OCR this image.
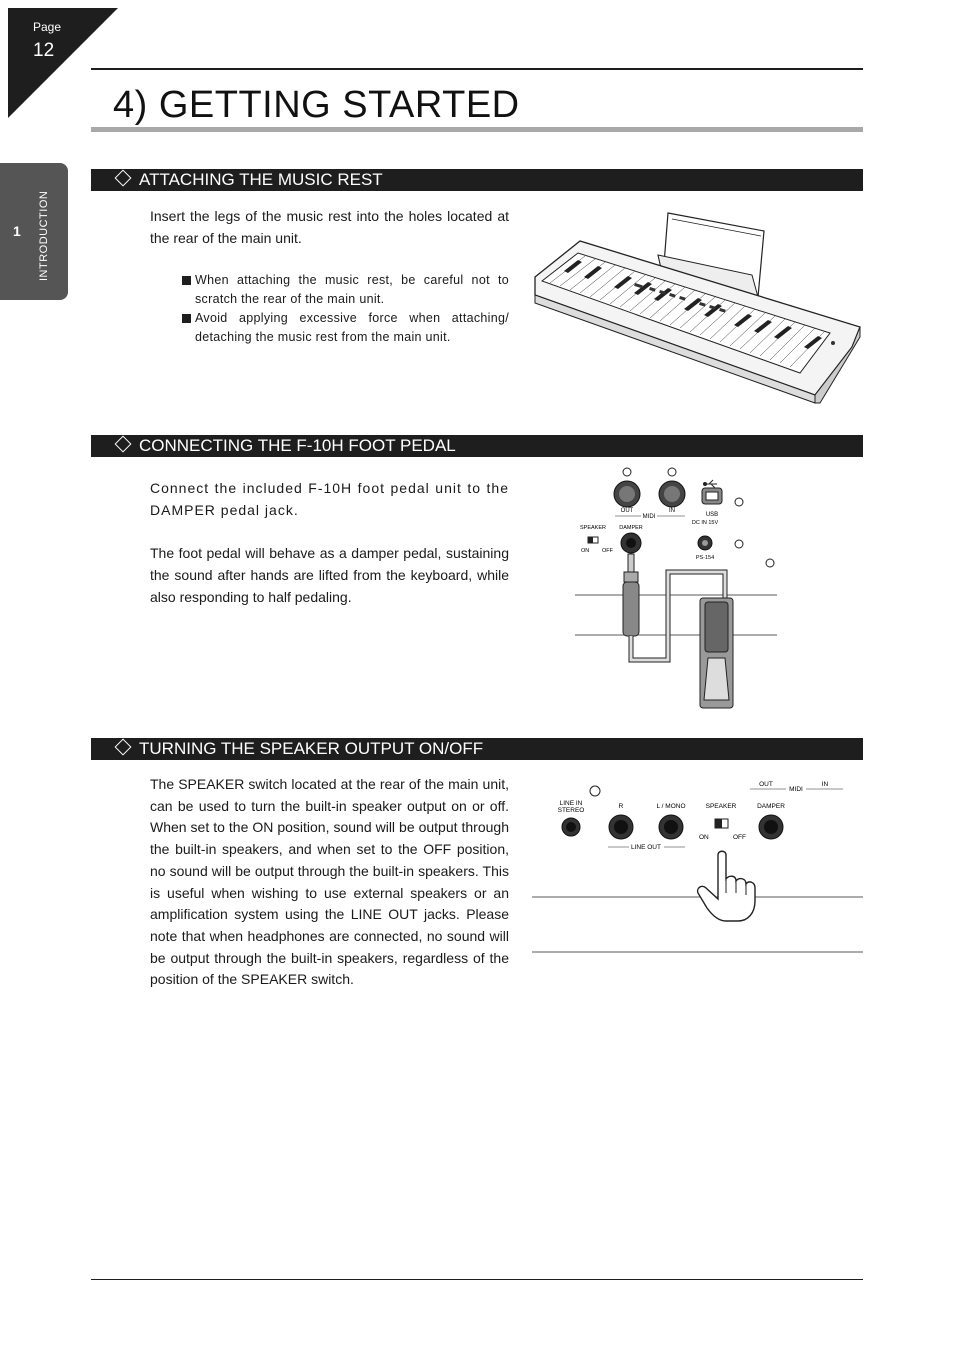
Page
12
4) GETTING STARTED
1 INTRODUCTION
ATTACHING THE MUSIC REST
Insert the legs of the music rest into the holes located at the rear of the main unit.
When attaching the music rest, be careful not to scratch the rear of the main unit.
Avoid applying excessive force when attaching/ detaching the music rest from the main unit.
CONNECTING THE F-10H FOOT PEDAL
Connect the included F-10H foot pedal unit to the DAMPER pedal jack.
The foot pedal will behave as a damper pedal, sustaining the sound after hands are lifted from the keyboard, while also responding to half pedaling.
OUT
MIDI
IN
USB
SPEAKER DAMPER
DC IN 15V
ON OFF
PS-154
TURNING THE SPEAKER OUTPUT ON/OFF
The SPEAKER switch located at the rear of the main unit, can be used to turn the built-in speaker output on or off. When set to the ON position, sound will be output through the built-in speakers, and when set to the OFF position, no sound will be output through the built-in speakers. This is useful when wishing to use external speakers or an amplification system using the LINE OUT jacks. Please note that when headphones are connected, no sound will be output through the built-in speakers, regardless of the position of the SPEAKER switch.
OUT
MIDI
IN
LINE IN
STEREO
R	L / MONO	SPEAKER	DAMPER
ON	OFF
LINE OUT
